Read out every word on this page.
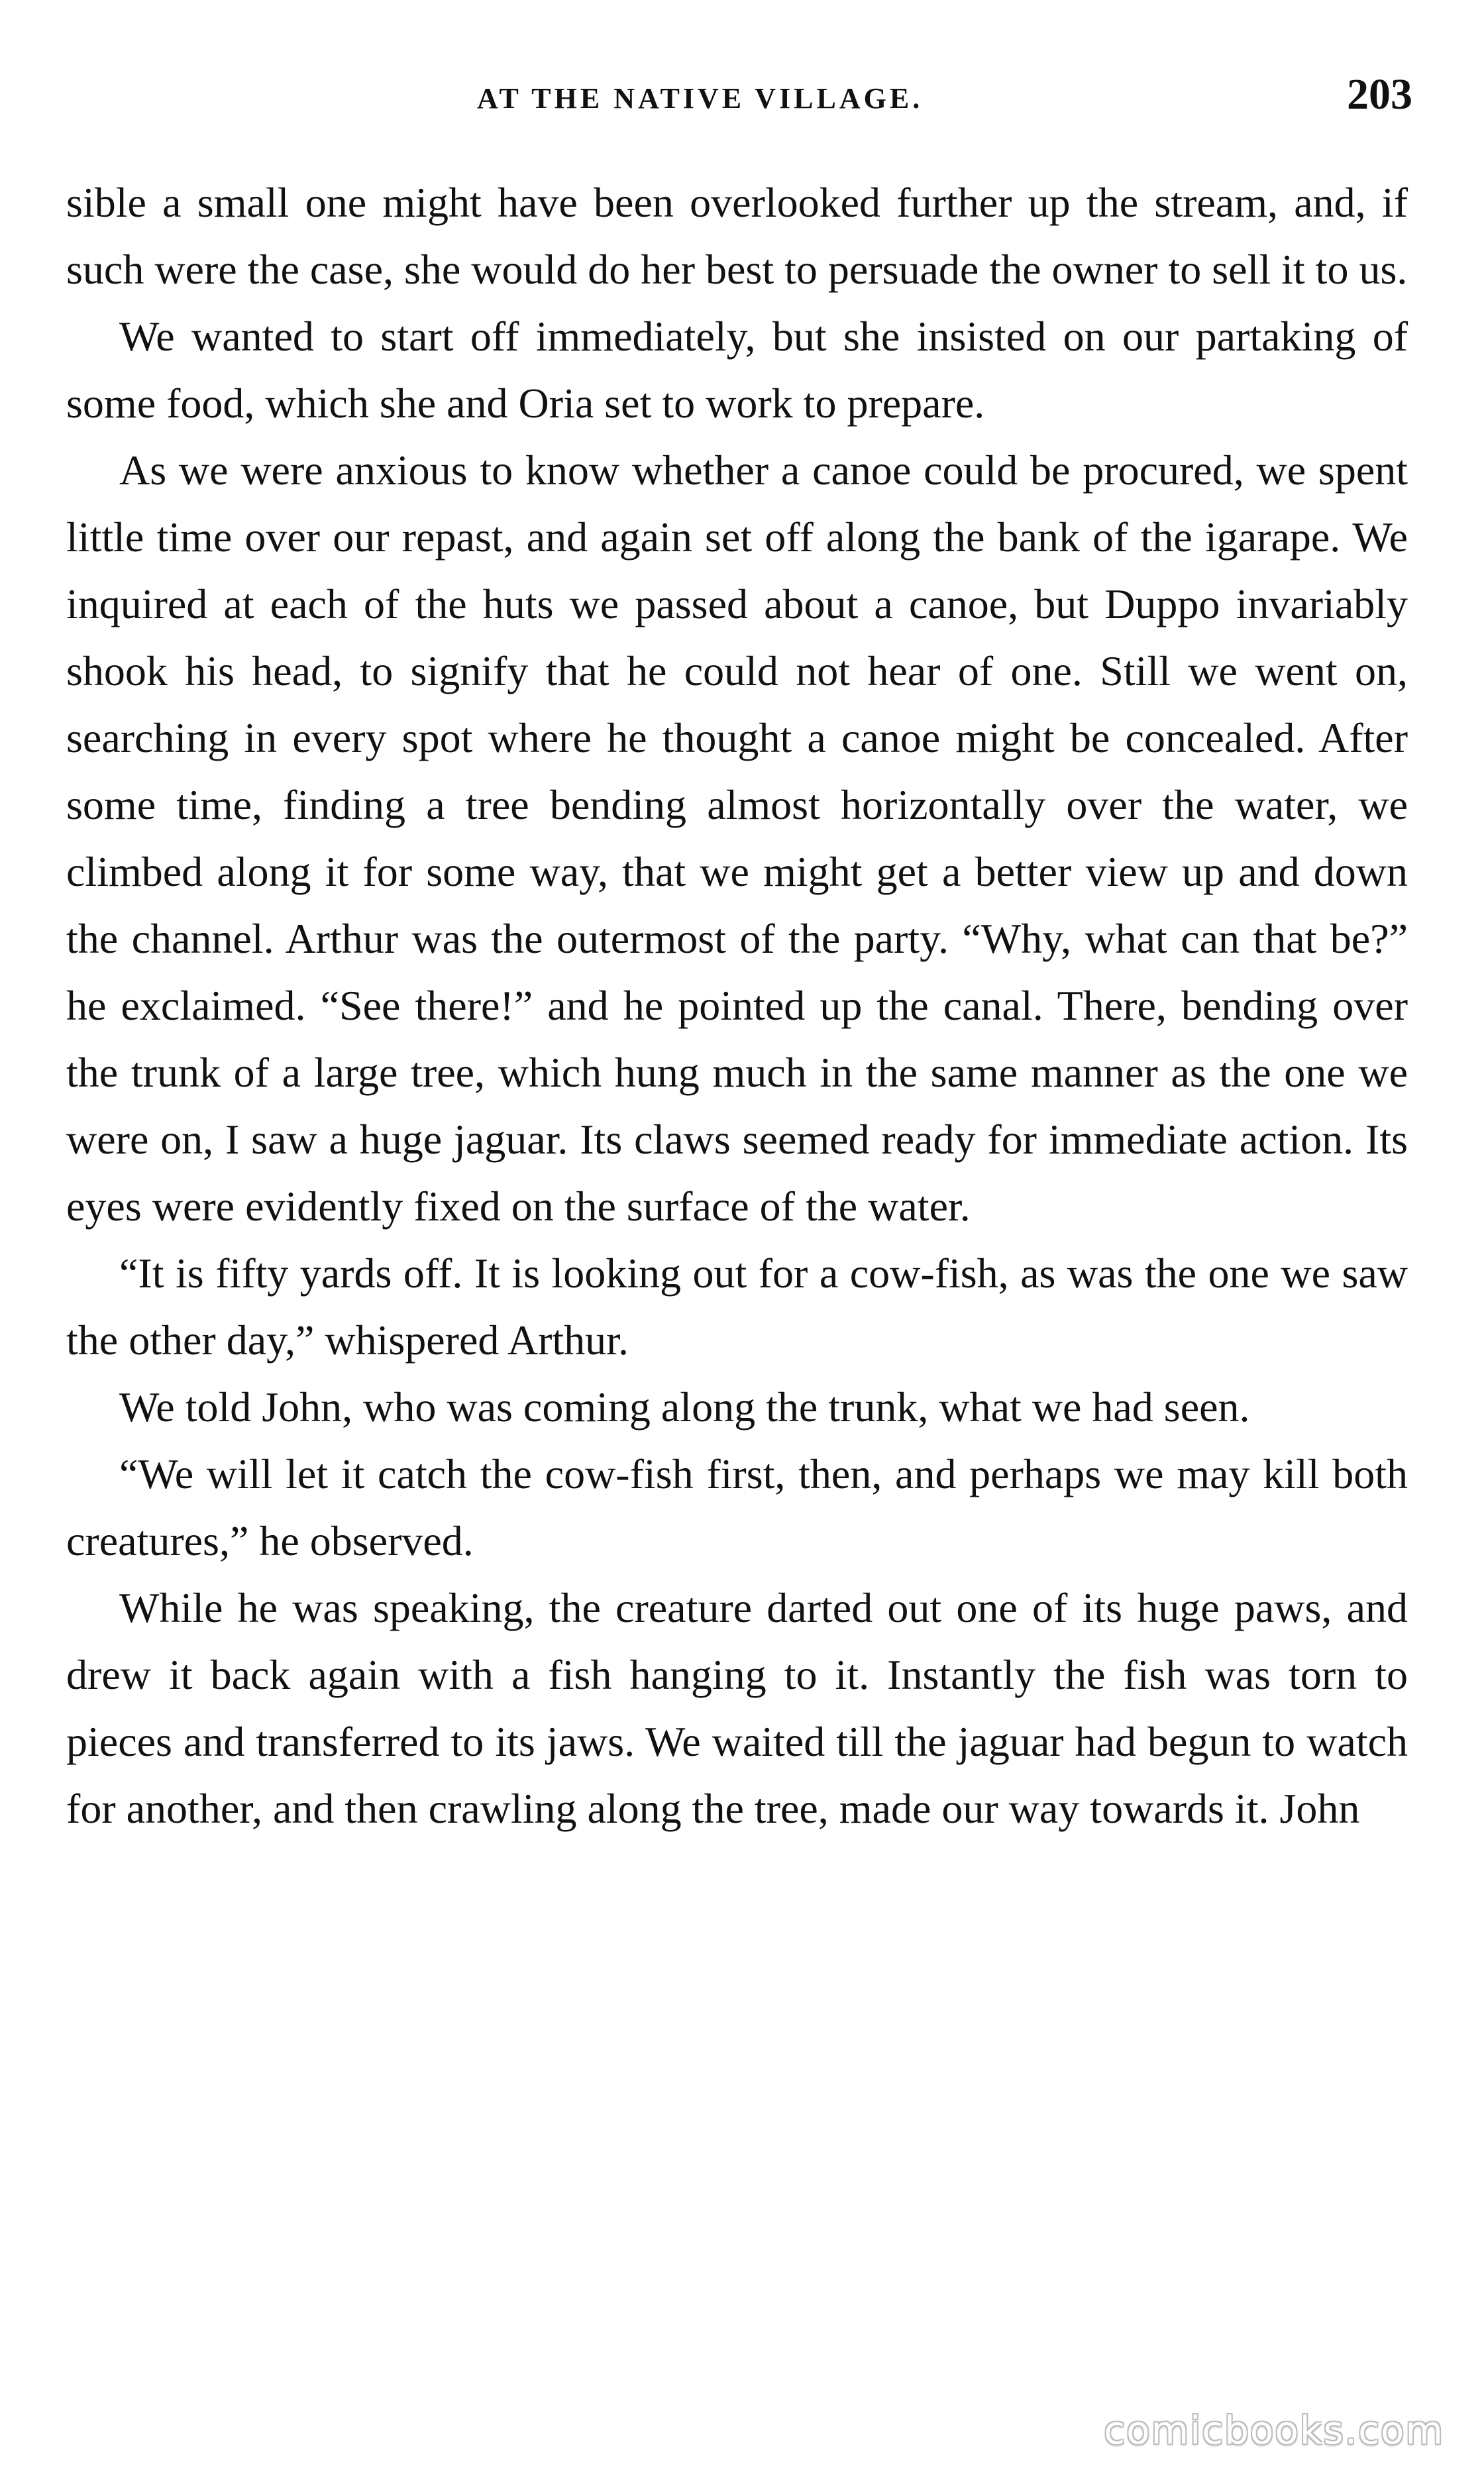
AT THE NATIVE VILLAGE.	203

sible a small one might have been overlooked further up the stream, and, if such were the case, she would do her best to persuade the owner to sell it to us.

We wanted to start off immediately, but she insisted on our partaking of some food, which she and Oria set to work to prepare.

As we were anxious to know whether a canoe could be procured, we spent little time over our repast, and again set off along the bank of the igarape. We inquired at each of the huts we passed about a canoe, but Duppo invariably shook his head, to signify that he could not hear of one. Still we went on, searching in every spot where he thought a canoe might be concealed. After some time, finding a tree bending almost horizontally over the water, we climbed along it for some way, that we might get a better view up and down the channel. Arthur was the outermost of the party. “Why, what can that be?” he exclaimed. “See there!” and he pointed up the canal. There, bending over the trunk of a large tree, which hung much in the same manner as the one we were on, I saw a huge jaguar. Its claws seemed ready for immediate action. Its eyes were evidently fixed on the surface of the water.

“It is fifty yards off. It is looking out for a cow-fish, as was the one we saw the other day,” whispered Arthur.

We told John, who was coming along the trunk, what we had seen.

“We will let it catch the cow-fish first, then, and perhaps we may kill both creatures,” he observed.

While he was speaking, the creature darted out one of its huge paws, and drew it back again with a fish hanging to it. Instantly the fish was torn to pieces and transferred to its jaws. We waited till the jaguar had begun to watch for another, and then crawling along the tree, made our way towards it. John

comicbooks.com
